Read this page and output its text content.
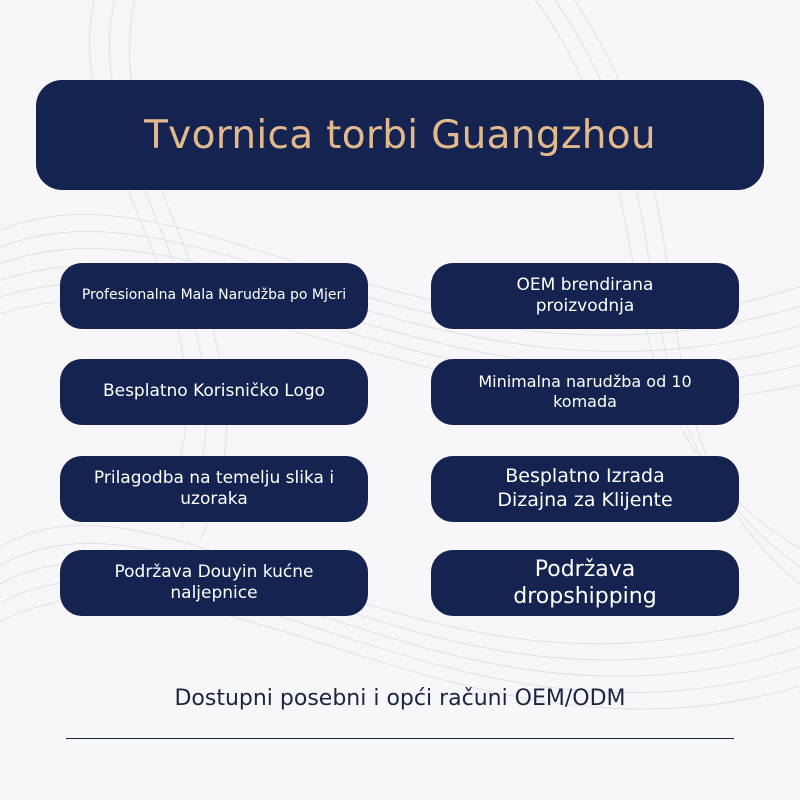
Tvornica torbi Guangzhou
Profesionalna Mala Narudžba po Mjeri
OEM brendirana proizvodnja
Besplatno Korisničko Logo	Minimalna narudžba od 10 komada
Prilagodba na temelju slika i uzoraka
Besplatno Izrada Dizajna za Klijente
Podržava Douyin kućne naljepnice
Podržava dropshipping
Dostupni posebni i opći računi OEM/ODM
